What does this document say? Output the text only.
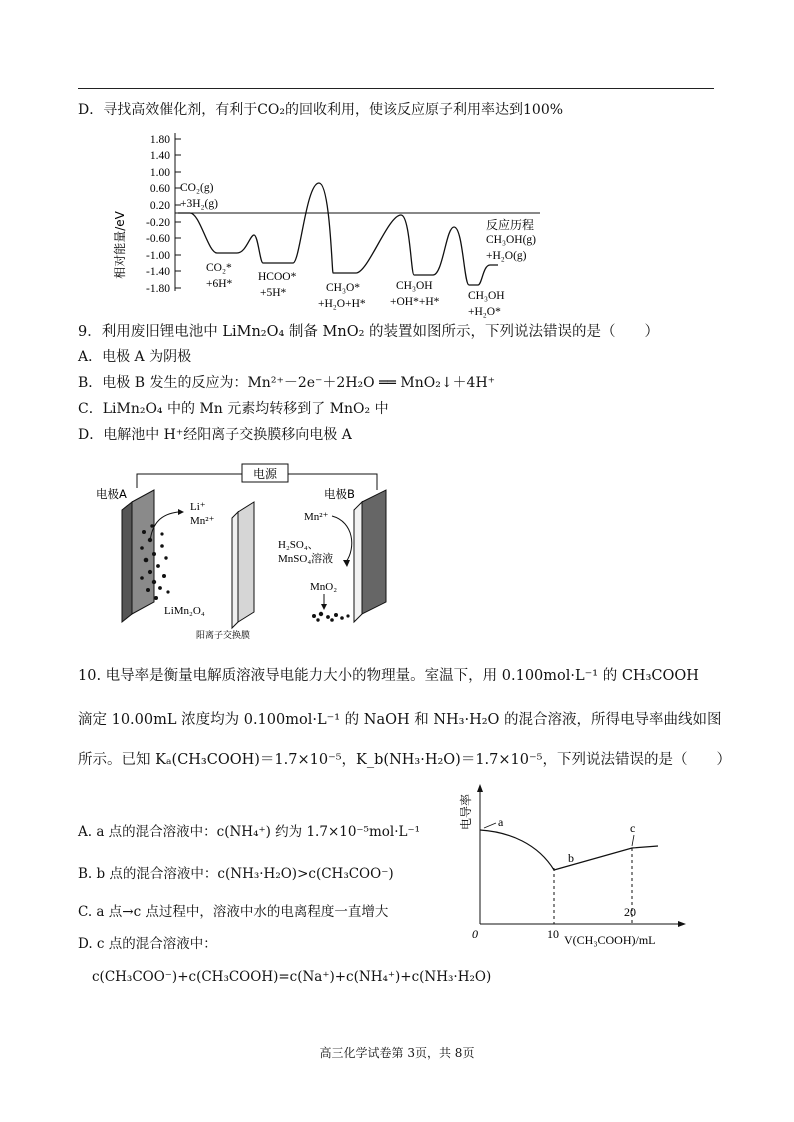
D．寻找高效催化剂，有利于CO₂的回收利用，使该反应原子利用率达到100%
相对能量/eV
1.80
1.40
1.00
0.60
0.20
-0.20
-0.60
-1.00
-1.40
-1.80
CO₂(g)
+3H₂(g)
CO₂*
+6H*
HCOO*
+5H*	CH₃O*
+H₂O+H*
CH₃OH
+OH*+H* CH₃OH
+H₂O*
反应历程
CH₃OH(g)
+H₂O(g)
9．利用废旧锂电池中 LiMn₂O₄ 制备 MnO₂ 的装置如图所示，下列说法错误的是（　　）
A．电极 A 为阴极
B．电极 B 发生的反应为：Mn²⁺－2e⁻＋2H₂O ══ MnO₂↓＋4H⁺
C．LiMn₂O₄ 中的 Mn 元素均转移到了 MnO₂ 中
D．电解池中 H⁺经阳离子交换膜移向电极 A
电源
电极A
Li⁺
Mn²⁺
LiMn₂O₄
阳离子交换膜
电极B
Mn²⁺
H₂SO₄、
MnSO₄溶液
MnO₂
10. 电导率是衡量电解质溶液导电能力大小的物理量。室温下，用 0.100mol·L⁻¹ 的 CH₃COOH
滴定 10.00mL 浓度均为 0.100mol·L⁻¹ 的 NaOH 和 NH₃·H₂O 的混合溶液，所得电导率曲线如图
所示。已知 Kₐ(CH₃COOH)＝1.7×10⁻⁵，K_b(NH₃·H₂O)＝1.7×10⁻⁵，下列说法错误的是（　　）
A. a 点的混合溶液中：c(NH₄⁺) 约为 1.7×10⁻⁵mol·L⁻¹
B. b 点的混合溶液中：c(NH₃·H₂O)>c(CH₃COO⁻)
C. a 点→c 点过程中，溶液中水的电离程度一直增大
D. c 点的混合溶液中：
c(CH₃COO⁻)+c(CH₃COOH)=c(Na⁺)+c(NH₄⁺)+c(NH₃·H₂O)
电导率 a
b
c
0	10
20
V(CH₃COOH)/mL
高三化学试卷第 3页，共 8页
